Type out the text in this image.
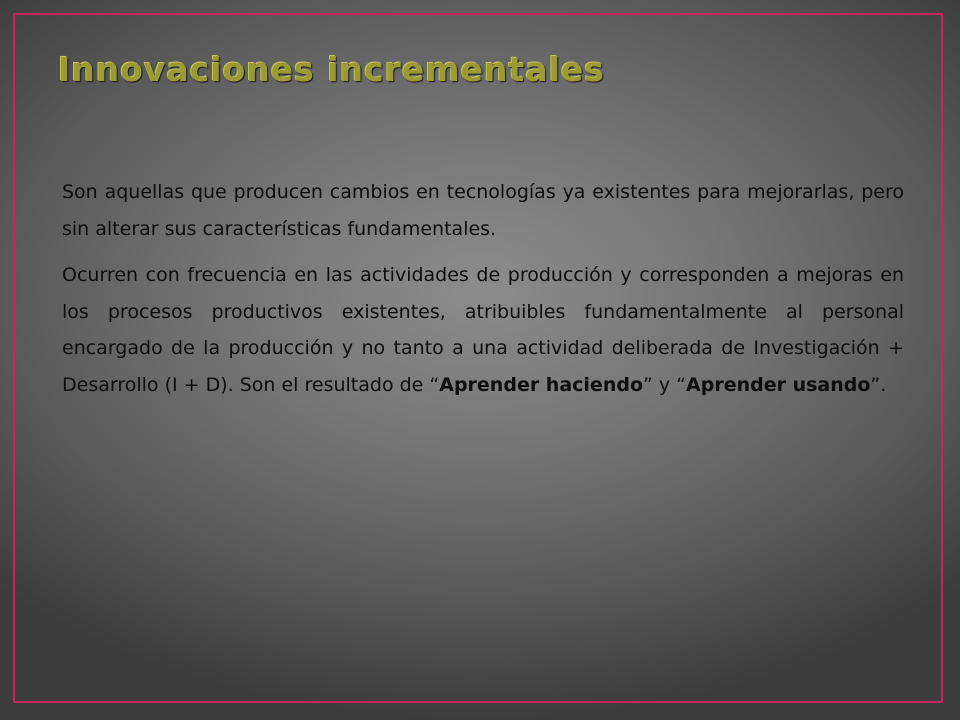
Innovaciones incrementales

Son aquellas que producen cambios en tecnologías ya existentes para mejorarlas, pero sin alterar sus características fundamentales.

Ocurren con frecuencia en las actividades de producción y corresponden a mejoras en los procesos productivos existentes, atribuibles fundamentalmente al personal encargado de la producción y no tanto a una actividad deliberada de Investigación + Desarrollo (I + D). Son el resultado de “Aprender haciendo” y “Aprender usando”.
